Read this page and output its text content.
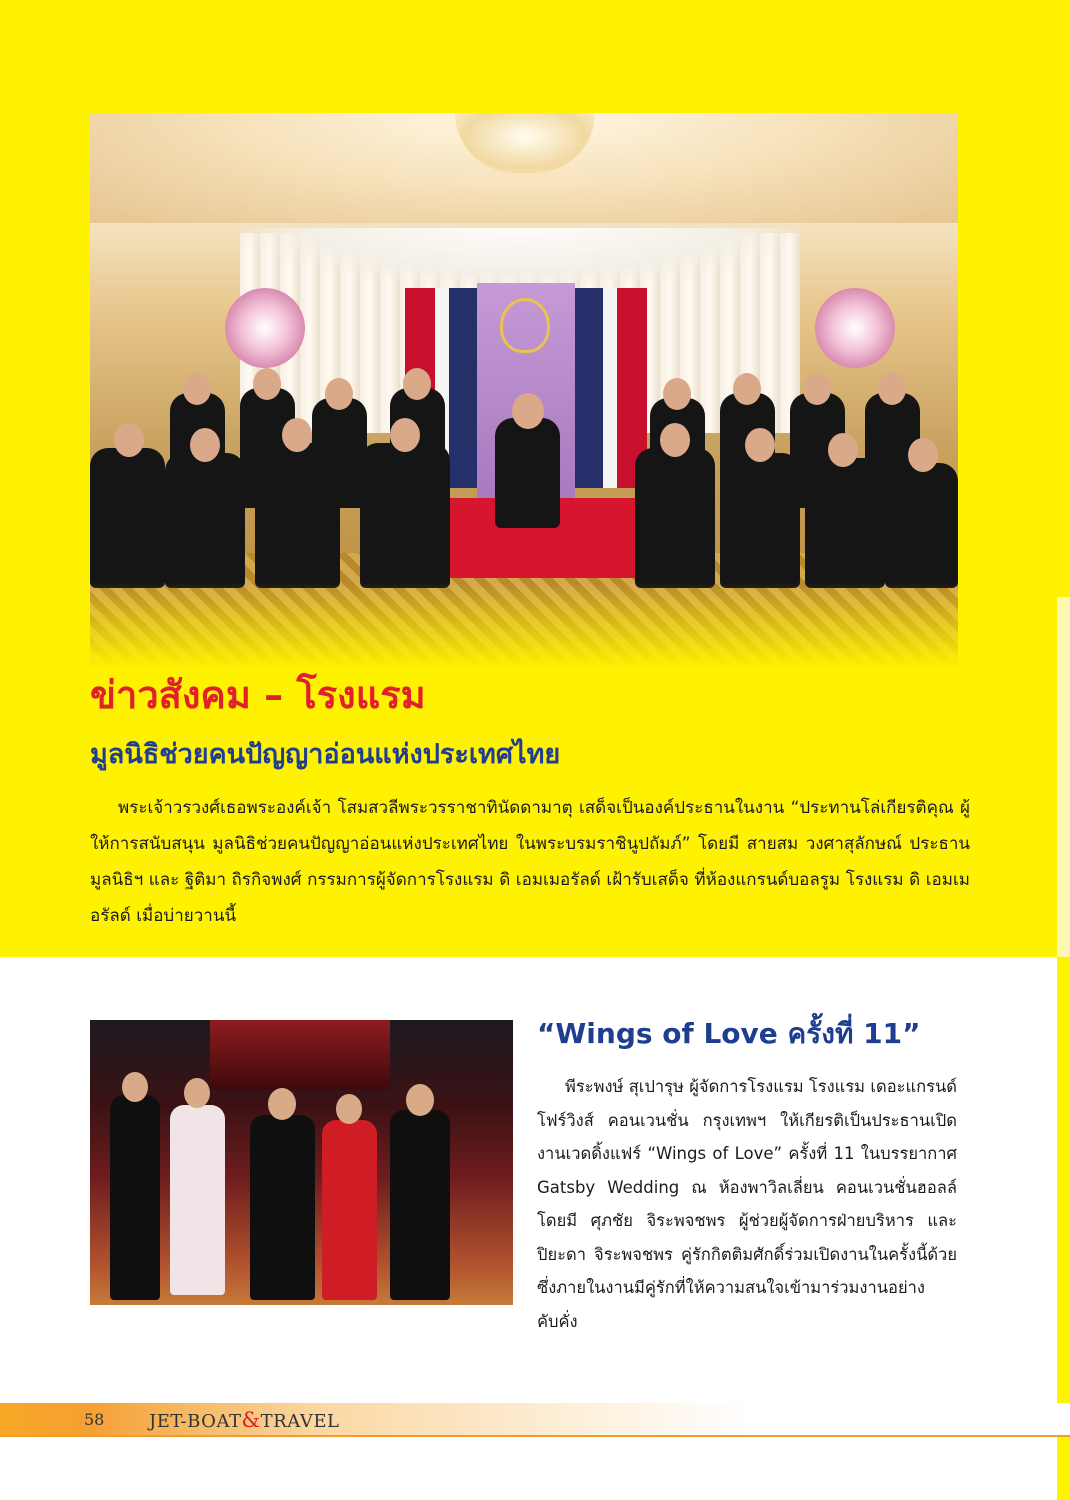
ข่าวสังคม – โรงแรม
มูลนิธิช่วยคนปัญญาอ่อนแห่งประเทศไทย

พระเจ้าวรวงศ์เธอพระองค์เจ้า โสมสวลีพระวรราชาทินัดดามาตุ เสด็จเป็นองค์ประธานในงาน “ประทานโล่เกียรติคุณ ผู้ให้การสนับสนุน มูลนิธิช่วยคนปัญญาอ่อนแห่งประเทศไทย ในพระบรมราชินูปถัมภ์” โดยมี สายสม วงศาสุลักษณ์ ประธานมูลนิธิฯ และ ฐิติมา ถิรกิจพงศ์ กรรมการผู้จัดการโรงแรม ดิ เอมเมอรัลด์ เฝ้ารับเสด็จ ที่ห้องแกรนด์บอลรูม โรงแรม ดิ เอมเมอรัลด์ เมื่อบ่ายวานนี้

“Wings of Love ครั้งที่ 11”

พีระพงษ์ สุเปารุษ ผู้จัดการโรงแรม โรงแรม เดอะแกรนด์ โฟร์วิงส์ คอนเวนชั่น กรุงเทพฯ ให้เกียรติเป็นประธานเปิดงานเวดดิ้งแฟร์ “Wings of Love” ครั้งที่ 11 ในบรรยากาศ Gatsby Wedding ณ ห้องพาวิลเลี่ยน คอนเวนชั่นฮอลล์ โดยมี ศุภชัย จิระพจชพร ผู้ช่วยผู้จัดการฝ่ายบริหาร และ ปิยะดา จิระพจชพร คู่รักกิตติมศักดิ์ร่วมเปิดงานในครั้งนี้ด้วย ซึ่งภายในงานมีคู่รักที่ให้ความสนใจเข้ามาร่วมงานอย่างคับคั่ง

58 JET-BOAT&TRAVEL
